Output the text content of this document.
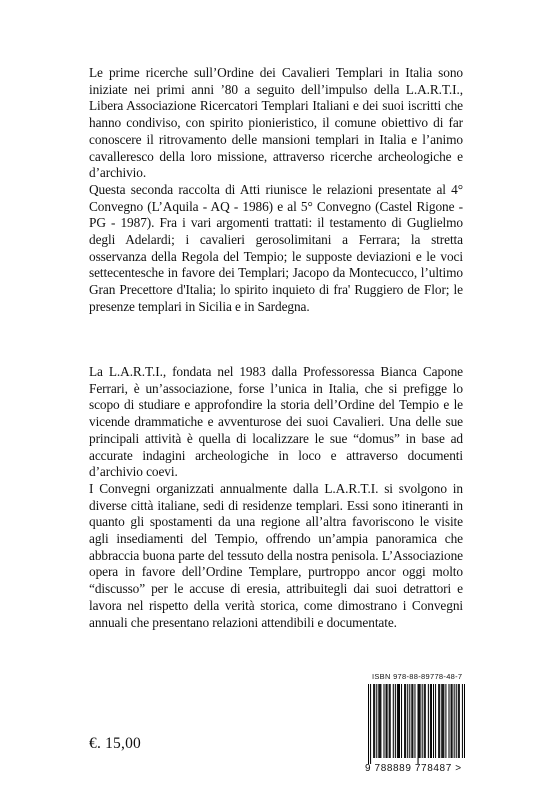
Le prime ricerche sull’Ordine dei Cavalieri Templari in Italia sono iniziate nei primi anni ’80 a seguito dell’impulso della L.A.R.T.I., Libera Associazione Ricercatori Templari Italiani e dei suoi iscritti che hanno condiviso, con spirito pionieristico, il comune obiettivo di far conoscere il ritrovamento delle mansioni templari in Italia e l’animo cavalleresco della loro missione, attraverso ricerche archeologiche e d’archivio.

Questa seconda raccolta di Atti riunisce le relazioni presentate al 4° Convegno (L’Aquila - AQ - 1986) e al 5° Convegno (Castel Rigone - PG - 1987). Fra i vari argomenti trattati: il testamento di Guglielmo degli Adelardi; i cavalieri gerosolimitani a Ferrara; la stretta osservanza della Regola del Tempio; le supposte deviazioni e le voci settecentesche in favore dei Templari; Jacopo da Montecucco, l’ultimo Gran Precettore d'Italia; lo spirito inquieto di fra' Ruggiero de Flor; le presenze templari in Sicilia e in Sardegna.

La L.A.R.T.I., fondata nel 1983 dalla Professoressa Bianca Capone Ferrari, è un’associazione, forse l’unica in Italia, che si prefigge lo scopo di studiare e approfondire la storia dell’Ordine del Tempio e le vicende drammatiche e avventurose dei suoi Cavalieri. Una delle sue principali attività è quella di localizzare le sue “domus” in base ad accurate indagini archeologiche in loco e attraverso documenti d’archivio coevi.

I Convegni organizzati annualmente dalla L.A.R.T.I. si svolgono in diverse città italiane, sedi di residenze templari. Essi sono itineranti in quanto gli spostamenti da una regione all’altra favoriscono le visite agli insediamenti del Tempio, offrendo un’ampia panoramica che abbraccia buona parte del tessuto della nostra penisola. L’Associazione opera in favore dell’Ordine Templare, purtroppo ancor oggi molto “discusso” per le accuse di eresia, attribuitegli dai suoi detrattori e lavora nel rispetto della verità storica, come dimostrano i Convegni annuali che presentano relazioni attendibili e documentate.

€. 15,00
ISBN 978-88-89778-48-7
9 788889 778487 >
